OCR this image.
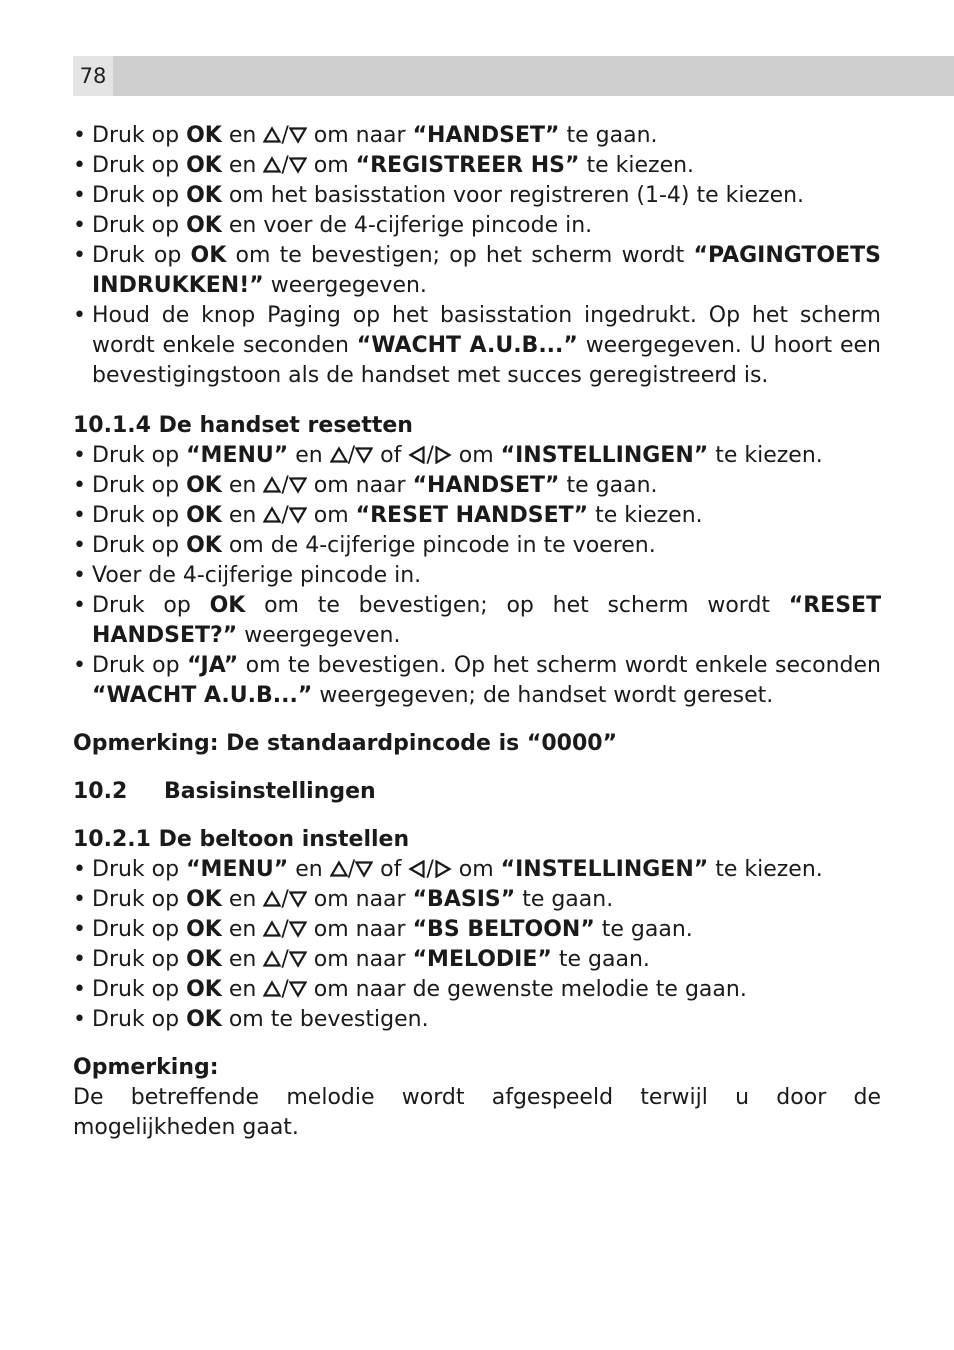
78
• Druk op OK en / om naar “HANDSET” te gaan.
• Druk op OK en / om “REGISTREER HS” te kiezen.
• Druk op OK om het basisstation voor registreren (1-4) te kiezen.
• Druk op OK en voer de 4-cijferige pincode in.
• Druk op OK om te bevestigen; op het scherm wordt “PAGINGTOETS INDRUKKEN!” weergegeven.
• Houd de knop Paging op het basisstation ingedrukt. Op het scherm wordt enkele seconden “WACHT A.U.B...” weergegeven. U hoort een bevestigingstoon als de handset met succes geregistreerd is.
10.1.4 De handset resetten
• Druk op “MENU” en / of / om “INSTELLINGEN” te kiezen.
• Druk op OK en / om naar “HANDSET” te gaan.
• Druk op OK en / om “RESET HANDSET” te kiezen.
• Druk op OK om de 4-cijferige pincode in te voeren.
• Voer de 4-cijferige pincode in.
• Druk op OK om te bevestigen; op het scherm wordt “RESET
HANDSET?” weergegeven.
• Druk op “JA” om te bevestigen. Op het scherm wordt enkele seconden “WACHT A.U.B...” weergegeven; de handset wordt gereset.
Opmerking: De standaardpincode is “0000”
10.2 Basisinstellingen
10.2.1 De beltoon instellen
• Druk op “MENU” en / of / om “INSTELLINGEN” te kiezen.
• Druk op OK en / om naar “BASIS” te gaan.
• Druk op OK en / om naar “BS BELTOON” te gaan.
• Druk op OK en / om naar “MELODIE” te gaan.
• Druk op OK en / om naar de gewenste melodie te gaan.
• Druk op OK om te bevestigen.
Opmerking:
De betreffende melodie wordt afgespeeld terwijl u door de mogelijkheden gaat.
